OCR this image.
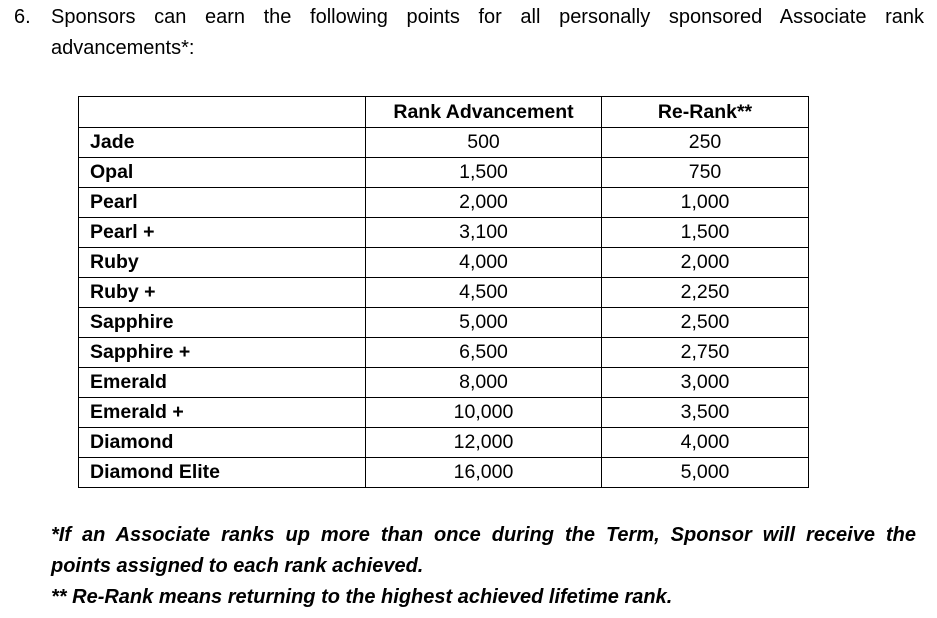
6.	Sponsors can earn the following points for all personally sponsored Associate rank
advancements*:
	Rank Advancement	Re-Rank**
Jade	500	250
Opal	1,500	750
Pearl	2,000	1,000
Pearl +	3,100	1,500
Ruby	4,000	2,000
Ruby +	4,500	2,250
Sapphire	5,000	2,500
Sapphire +	6,500	2,750
Emerald	8,000	3,000
Emerald +	10,000	3,500
Diamond	12,000	4,000
Diamond Elite	16,000	5,000
*If an Associate ranks up more than once during the Term, Sponsor will receive the
points assigned to each rank achieved.
** Re-Rank means returning to the highest achieved lifetime rank.
